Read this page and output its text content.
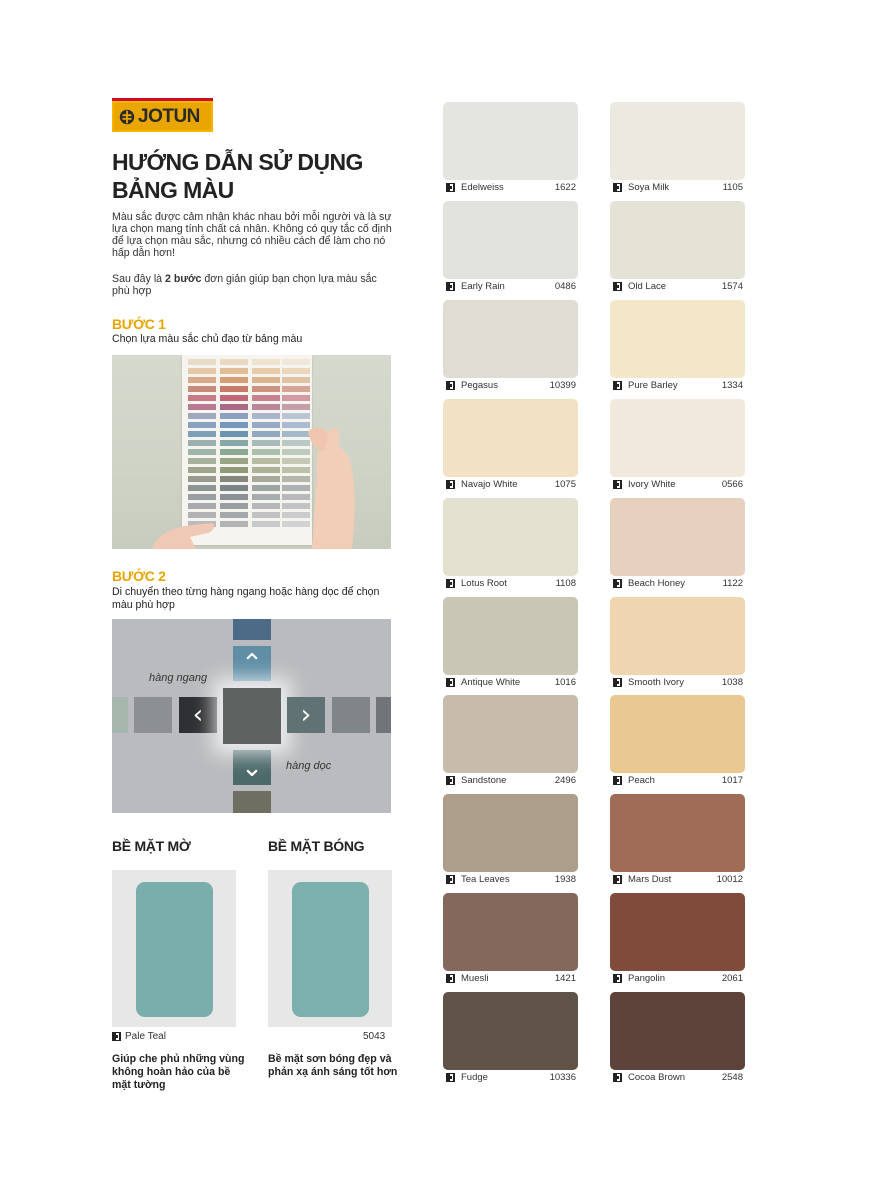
JOTUN
HƯỚNG DẪN SỬ DỤNG BẢNG MÀU
Màu sắc được cảm nhận khác nhau bởi mỗi người và là sự lựa chọn mang tính chất cá nhân. Không có quy tắc cố định để lựa chọn màu sắc, nhưng có nhiều cách để làm cho nó hấp dẫn hơn!
Sau đây là 2 bước đơn giản giúp bạn chọn lựa màu sắc phù hợp
BƯỚC 1
Chọn lựa màu sắc chủ đạo từ bảng màu
BƯỚC 2
Di chuyển theo từng hàng ngang hoặc hàng dọc để chọn màu phù hợp
⌃
⌄
‹	›
hàng ngang
hàng dọc
BỀ MẶT MỜ	BỀ MẶT BÓNG
Pale Teal	5043
Giúp che phủ những vùng không hoàn hảo của bề mặt tường
Bề mặt sơn bóng đẹp và phản xạ ánh sáng tốt hơn
Edelweiss	1622	Soya Milk	1105
Early Rain	0486	Old Lace	1574
Pegasus	10399	Pure Barley	1334
Navajo White	1075	Ivory White	0566
Lotus Root	1108	Beach Honey	1122
Antique White	1016	Smooth Ivory	1038
Sandstone	2496	Peach	1017
Tea Leaves	1938	Mars Dust	10012
Muesli	1421	Pangolin	2061
Fudge	10336	Cocoa Brown	2548
